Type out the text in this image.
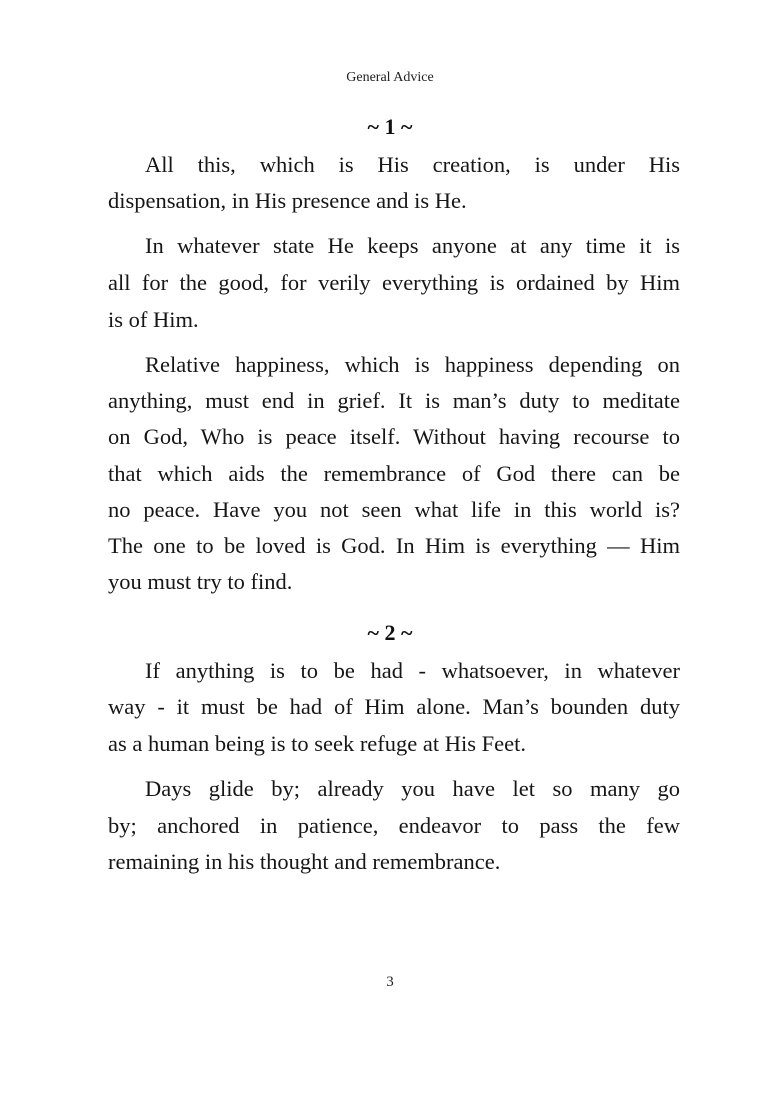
General Advice
~ 1 ~
All this, which is His creation, is under His
dispensation, in His presence and is He.
In whatever state He keeps anyone at any time it is
all for the good, for verily everything is ordained by Him
is of Him.
Relative happiness, which is happiness depending on
anything, must end in grief. It is man’s duty to meditate
on God, Who is peace itself. Without having recourse to
that which aids the remembrance of God there can be
no peace. Have you not seen what life in this world is?
The one to be loved is God. In Him is everything — Him
you must try to find.
~ 2 ~
If anything is to be had - whatsoever, in whatever
way - it must be had of Him alone. Man’s bounden duty
as a human being is to seek refuge at His Feet.
Days glide by; already you have let so many go
by; anchored in patience, endeavor to pass the few
remaining in his thought and remembrance.
3
